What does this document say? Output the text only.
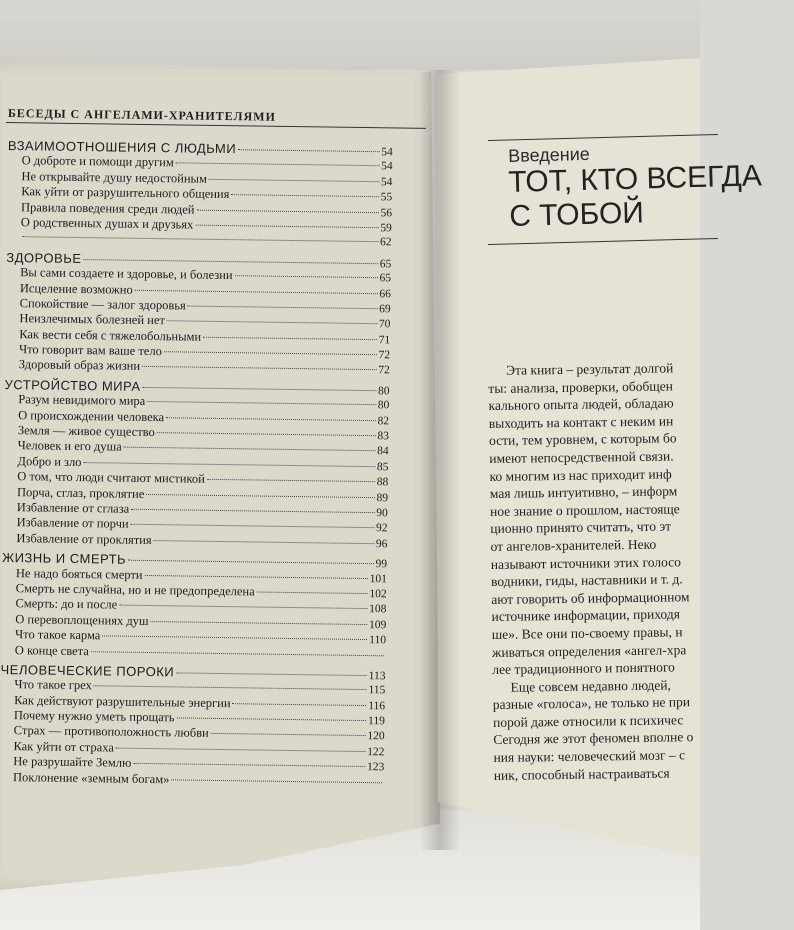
БЕСЕДЫ С АНГЕЛАМИ-ХРАНИТЕЛЯМИ
ВЗАИМООТНОШЕНИЯ С ЛЮДЬМИ	54
О доброте и помощи другим	54
Не открывайте душу недостойным	54
Как уйти от разрушительного общения	55
Правила поведения среди людей	56
О родственных душах и друзьях	59
62
ЗДОРОВЬЕ	65
Вы сами создаете и здоровье, и болезни	65
Исцеление возможно	66
Спокойствие — залог здоровья	69
Неизлечимых болезней нет	70
Как вести себя с тяжелобольными	71
Что говорит вам ваше тело	72
Здоровый образ жизни	72
УСТРОЙСТВО МИРА	80
Разум невидимого мира	80
О происхождении человека	82
Земля — живое существо	83
Человек и его душа	84
Добро и зло	85
О том, что люди считают мистикой	88
Порча, сглаз, проклятие	89
Избавление от сглаза	90
Избавление от порчи	92
Избавление от проклятия	96
ЖИЗНЬ И СМЕРТЬ	99
Не надо бояться смерти	101
Смерть не случайна, но и не предопределена	102
Смерть: до и после	108
О перевоплощениях душ	109
Что такое карма	110
О конце света
ЧЕЛОВЕЧЕСКИЕ ПОРОКИ	113
Что такое грех	115
Как действуют разрушительные энергии	116
Почему нужно уметь прощать	119
Страх — противоположность любви	120
Как уйти от страха	122
Не разрушайте Землю	123
Поклонение «земным богам»
Введение
ТОТ, КТО ВСЕГДА
С ТОБОЙ
Эта книга – результат долгой
ты: анализа, проверки, обобщен
кального опыта людей, обладаю
выходить на контакт с неким ин
ости, тем уровнем, с которым бо
имеют непосредственной связи.
ко многим из нас приходит инф
мая лишь интуитивно, – информ
ное знание о прошлом, настояще
ционно принято считать, что эт
от ангелов-хранителей. Неко
называют источники этих голосо
водники, гиды, наставники и т. д.
ают говорить об информационном
источнике информации, приходя
ше». Все они по-своему правы, н
живаться определения «ангел-хра
лее традиционного и понятного
Еще совсем недавно людей,
разные «голоса», не только не при
порой даже относили к психичес
Сегодня же этот феномен вполне о
ния науки: человеческий мозг – с
ник, способный настраиваться
